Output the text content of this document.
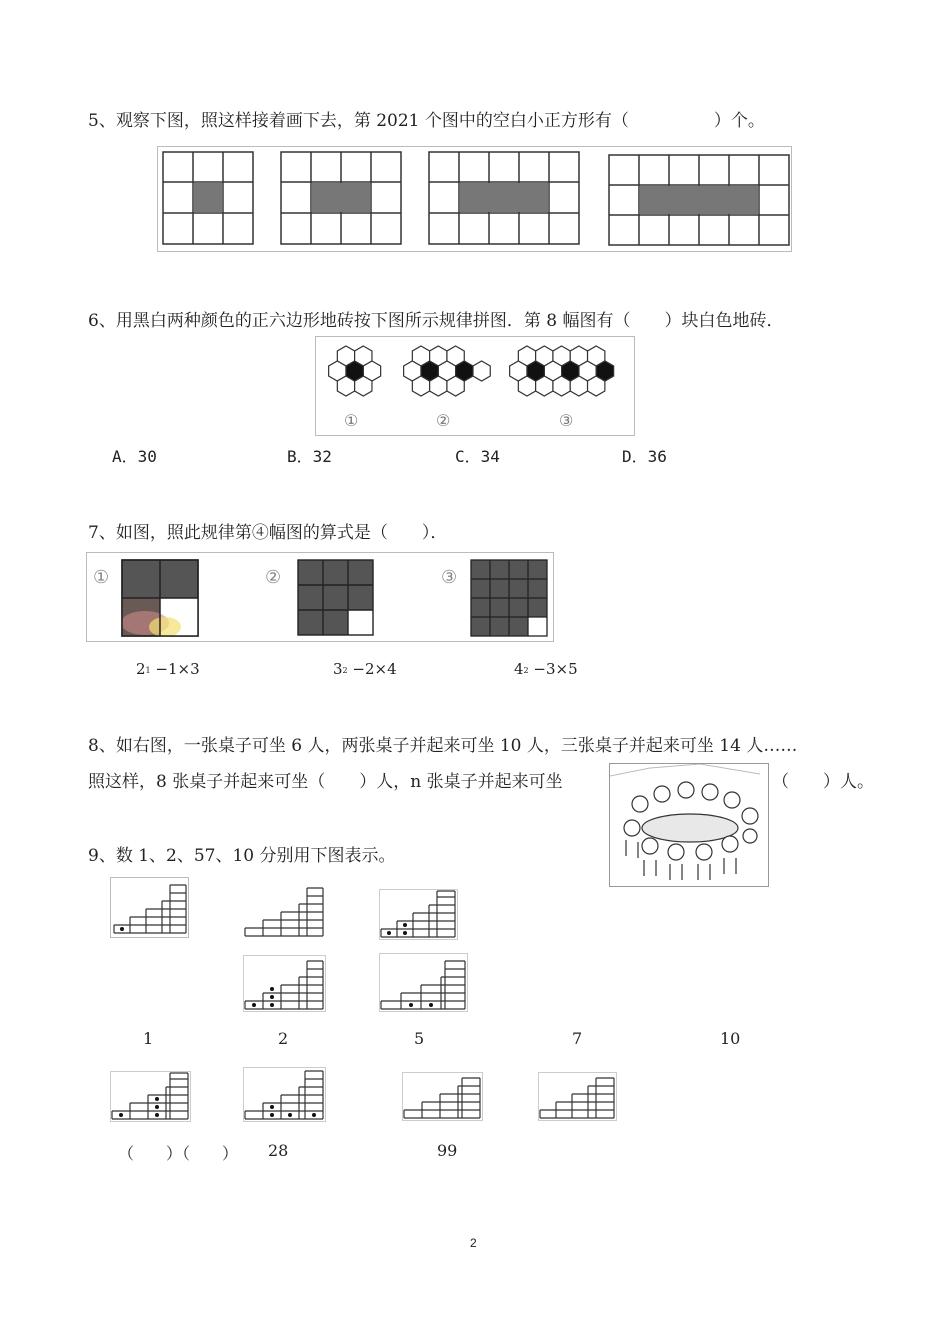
5、观察下图，照这样接着画下去，第 2021 个图中的空白小正方形有（　　　　　）个。
6、用黑白两种颜色的正六边形地砖按下图所示规律拼图．第 8 幅图有（　　）块白色地砖．
①	②	③
A．30	B．32	C．34	D．36
7、如图，照此规律第④幅图的算式是（　　）．
①	②	③
$2_1 -1\times 3$	$3_2 -2\times 4$	$4_2 -3\times 5$
8、如右图，一张桌子可坐 6 人，两张桌子并起来可坐 10 人，三张桌子并起来可坐 14 人……
照这样，8 张桌子并起来可坐（　　）人，n 张桌子并起来可坐	（　　）人。
9、数 1、2、57、10 分别用下图表示。
1	2	5	7	10
（　　）（　　） 28	99
2
